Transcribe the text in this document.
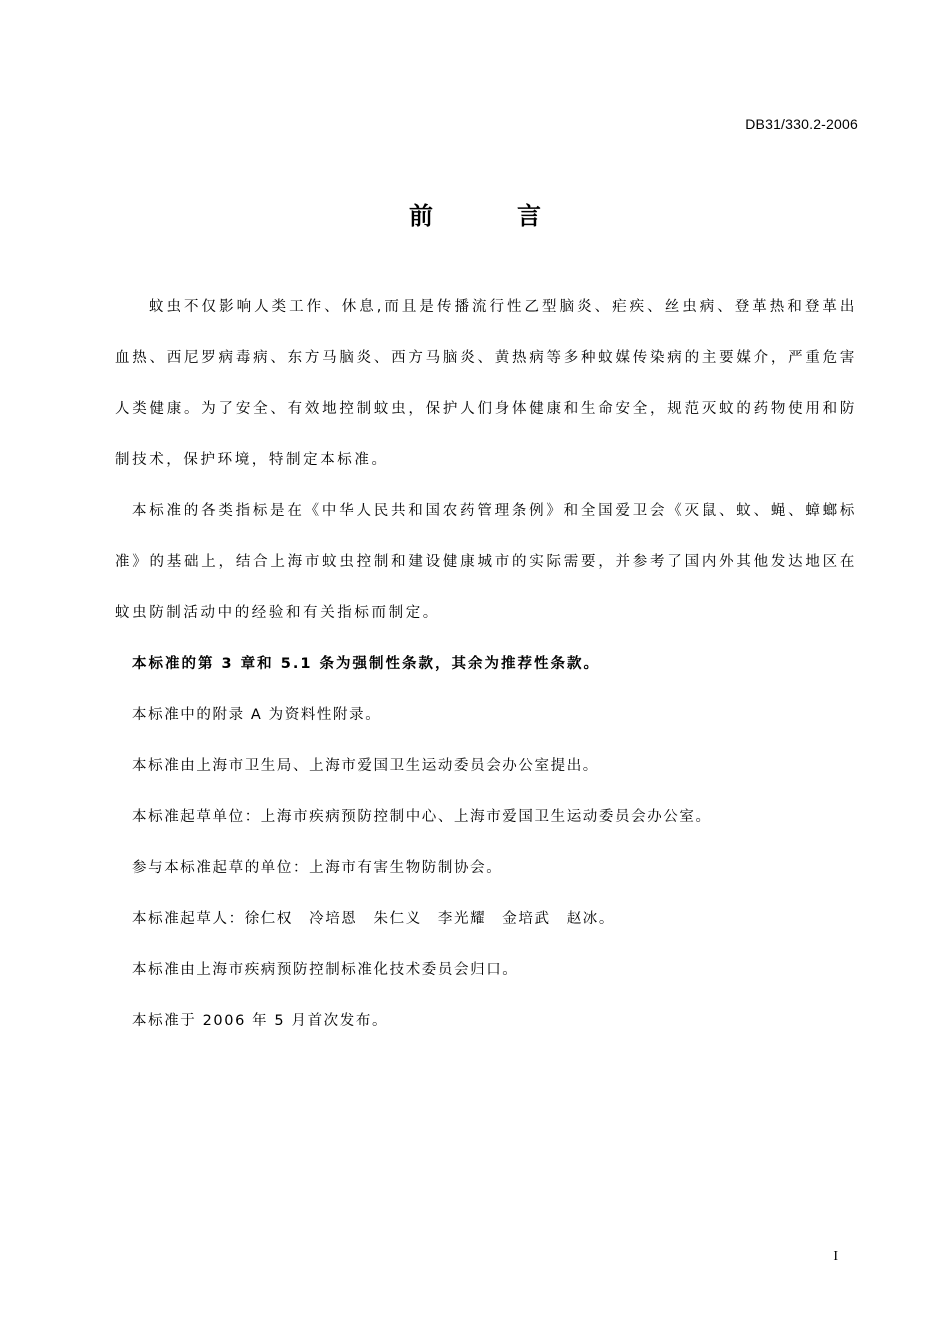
DB31/330.2-2006
前	言

蚊虫不仅影响人类工作、休息,而且是传播流行性乙型脑炎、疟疾、丝虫病、登革热和登革出血热、西尼罗病毒病、东方马脑炎、西方马脑炎、黄热病等多种蚊媒传染病的主要媒介，严重危害人类健康。为了安全、有效地控制蚊虫，保护人们身体健康和生命安全，规范灭蚊的药物使用和防制技术，保护环境，特制定本标准。

本标准的各类指标是在《中华人民共和国农药管理条例》和全国爱卫会《灭鼠、蚊、蝇、蟑螂标准》的基础上，结合上海市蚊虫控制和建设健康城市的实际需要，并参考了国内外其他发达地区在蚊虫防制活动中的经验和有关指标而制定。

本标准的第 3 章和 5.1 条为强制性条款，其余为推荐性条款。

本标准中的附录 A 为资料性附录。

本标准由上海市卫生局、上海市爱国卫生运动委员会办公室提出。

本标准起草单位：上海市疾病预防控制中心、上海市爱国卫生运动委员会办公室。

参与本标准起草的单位：上海市有害生物防制协会。

本标准起草人：徐仁权　冷培恩　朱仁义　李光耀　金培武　赵冰。

本标准由上海市疾病预防控制标准化技术委员会归口。

本标准于 2006 年 5 月首次发布。

I
